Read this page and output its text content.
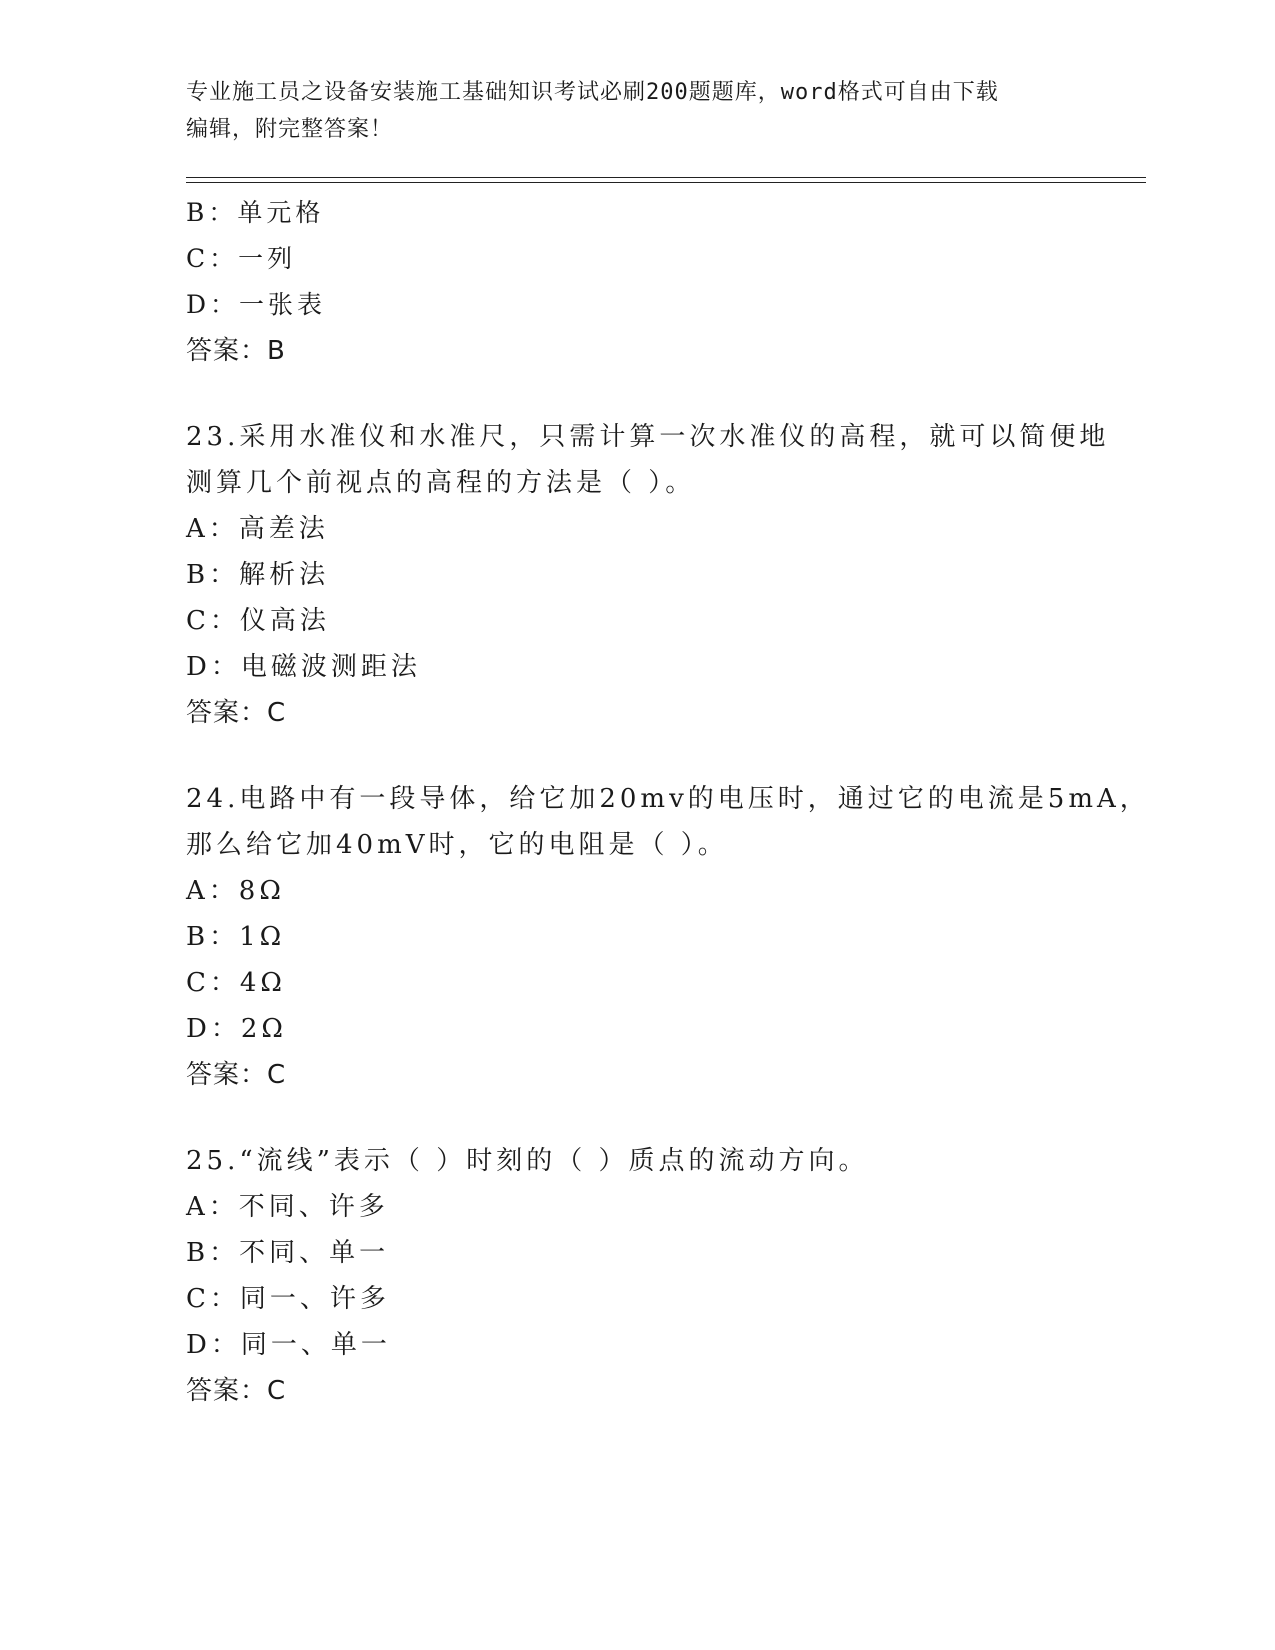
专业施工员之设备安装施工基础知识考试必刷200题题库，word格式可自由下载
编辑，附完整答案！
B：单元格
C：一列
D：一张表
答案：B
23.采用水准仪和水准尺，只需计算一次水准仪的高程，就可以简便地
测算几个前视点的高程的方法是（ ）。
A：高差法
B：解析法
C：仪高法
D：电磁波测距法
答案：C
24.电路中有一段导体，给它加20mv的电压时，通过它的电流是5mA，
那么给它加40mV时，它的电阻是（ ）。
A：8Ω
B：1Ω
C：4Ω
D：2Ω
答案：C
25.“流线”表示（ ）时刻的（ ）质点的流动方向。
A：不同、许多
B：不同、单一
C：同一、许多
D：同一、单一
答案：C
